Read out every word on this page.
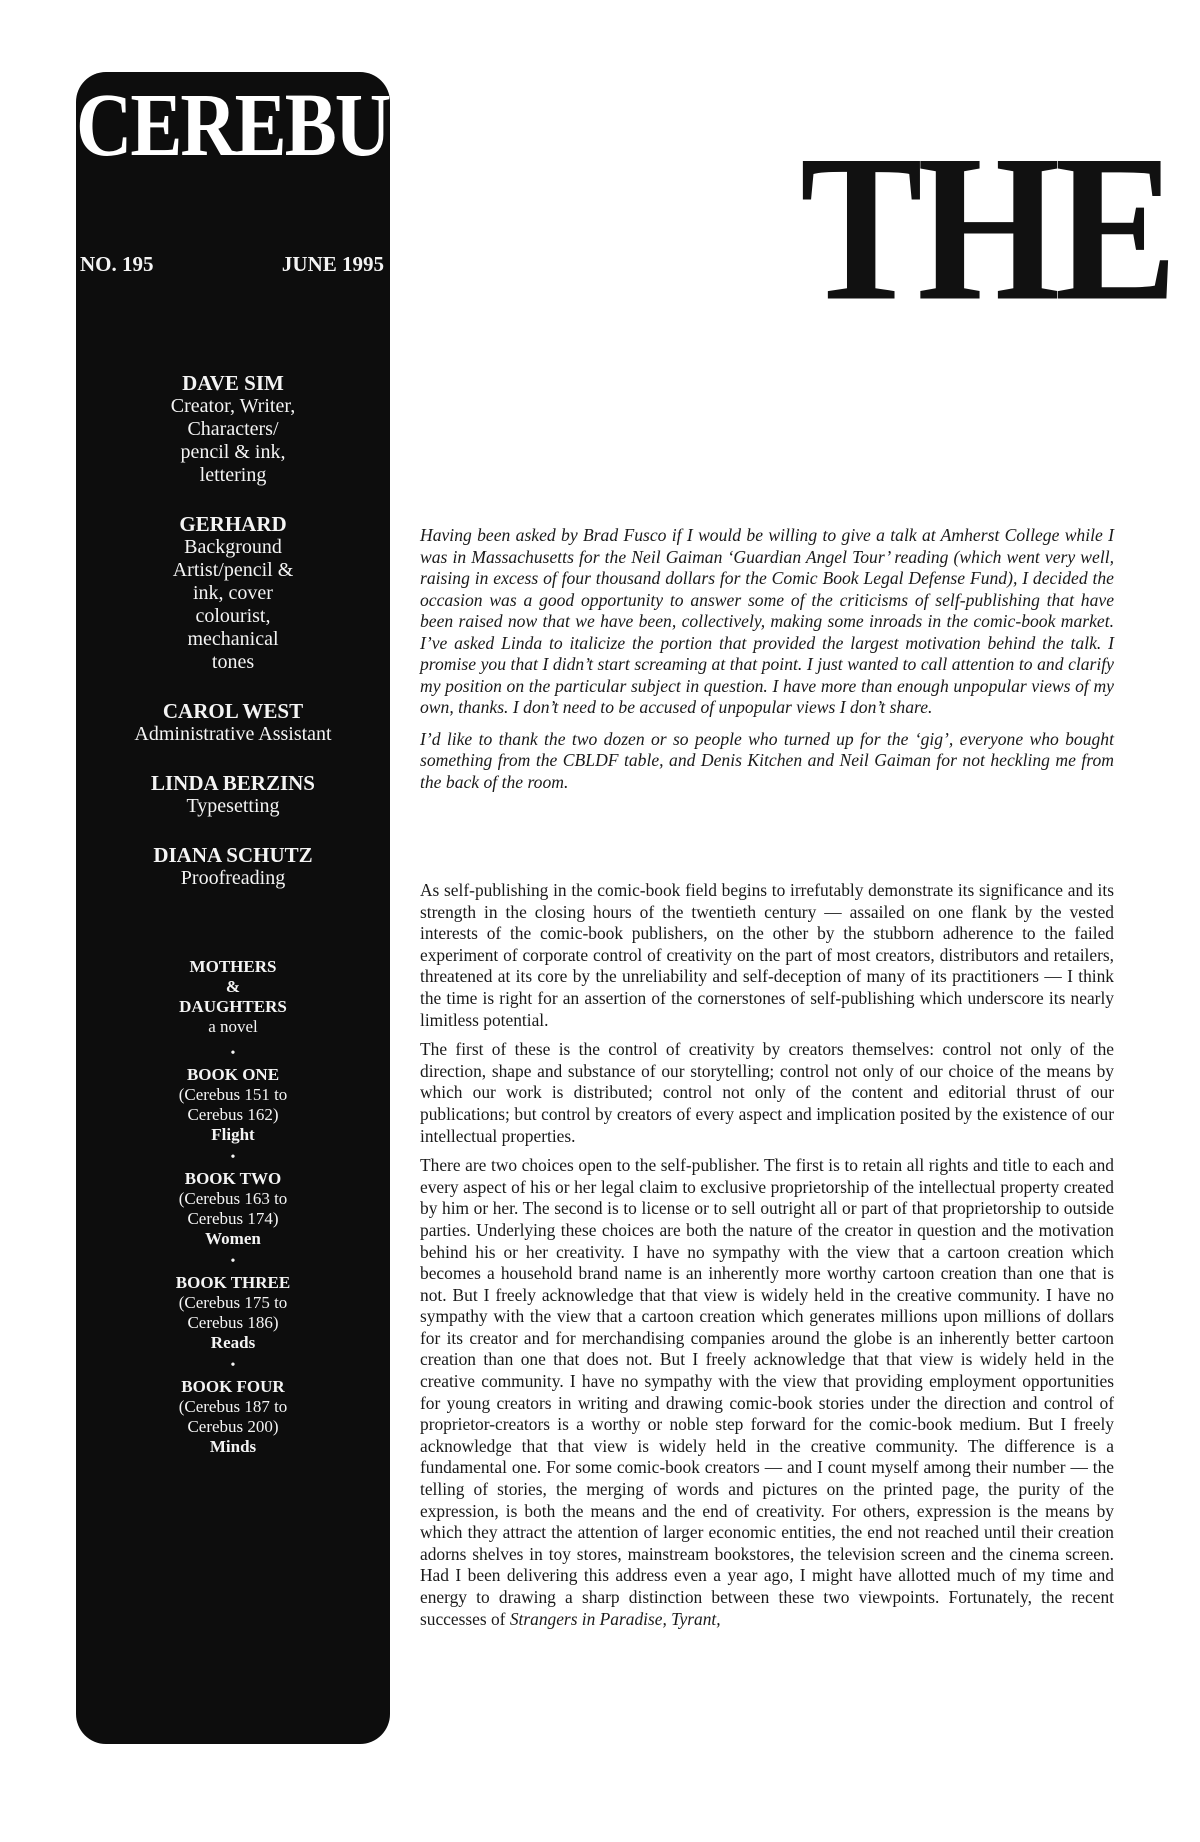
CEREBUS
NO. 195	JUNE 1995
DAVE SIM
Creator, Writer,
Characters/
pencil & ink,
lettering
GERHARD
Background
Artist/pencil &
ink, cover
colourist,
mechanical
tones
CAROL WEST
Administrative Assistant
LINDA BERZINS
Typesetting
DIANA SCHUTZ
Proofreading
MOTHERS
&
DAUGHTERS
a novel
•
BOOK ONE
(Cerebus 151 to
Cerebus 162)
Flight
•
BOOK TWO
(Cerebus 163 to
Cerebus 174)
Women
•
BOOK THREE
(Cerebus 175 to
Cerebus 186)
Reads
•
BOOK FOUR
(Cerebus 187 to
Cerebus 200)
Minds
THE

Having been asked by Brad Fusco if I would be willing to give a talk at Amherst College while I was in Massachusetts for the Neil Gaiman ‘Guardian Angel Tour’ reading (which went very well, raising in excess of four thousand dollars for the Comic Book Legal Defense Fund), I decided the occasion was a good opportunity to answer some of the criticisms of self-publishing that have been raised now that we have been, collectively, making some inroads in the comic-book market. I’ve asked Linda to italicize the portion that provided the largest motivation behind the talk. I promise you that I didn’t start screaming at that point. I just wanted to call attention to and clarify my position on the particular subject in question. I have more than enough unpopular views of my own, thanks. I don’t need to be accused of unpopular views I don’t share.

I’d like to thank the two dozen or so people who turned up for the ‘gig’, everyone who bought something from the CBLDF table, and Denis Kitchen and Neil Gaiman for not heckling me from the back of the room.

As self-publishing in the comic-book field begins to irrefutably demonstrate its significance and its strength in the closing hours of the twentieth century — assailed on one flank by the vested interests of the comic-book publishers, on the other by the stubborn adherence to the failed experiment of corporate control of creativity on the part of most creators, distributors and retailers, threatened at its core by the unreliability and self-deception of many of its practitioners — I think the time is right for an assertion of the cornerstones of self-publishing which underscore its nearly limitless potential.

The first of these is the control of creativity by creators themselves: control not only of the direction, shape and substance of our storytelling; control not only of our choice of the means by which our work is distributed; control not only of the content and editorial thrust of our publications; but control by creators of every aspect and implication posited by the existence of our intellectual properties.

There are two choices open to the self-publisher. The first is to retain all rights and title to each and every aspect of his or her legal claim to exclusive proprietorship of the intellectual property created by him or her. The second is to license or to sell outright all or part of that proprietorship to outside parties. Underlying these choices are both the nature of the creator in question and the motivation behind his or her creativity. I have no sympathy with the view that a cartoon creation which becomes a household brand name is an inherently more worthy cartoon creation than one that is not. But I freely acknowledge that that view is widely held in the creative community. I have no sympathy with the view that a cartoon creation which generates millions upon millions of dollars for its creator and for merchandising companies around the globe is an inherently better cartoon creation than one that does not. But I freely acknowledge that that view is widely held in the creative community. I have no sympathy with the view that providing employment opportunities for young creators in writing and drawing comic-book stories under the direction and control of proprietor-creators is a worthy or noble step forward for the comic-book medium. But I freely acknowledge that that view is widely held in the creative community. The difference is a fundamental one. For some comic-book creators — and I count myself among their number — the telling of stories, the merging of words and pictures on the printed page, the purity of the expression, is both the means and the end of creativity. For others, expression is the means by which they attract the attention of larger economic entities, the end not reached until their creation adorns shelves in toy stores, mainstream bookstores, the television screen and the cinema screen. Had I been delivering this address even a year ago, I might have allotted much of my time and energy to drawing a sharp distinction between these two viewpoints. Fortunately, the recent successes of Strangers in Paradise, Tyrant,
